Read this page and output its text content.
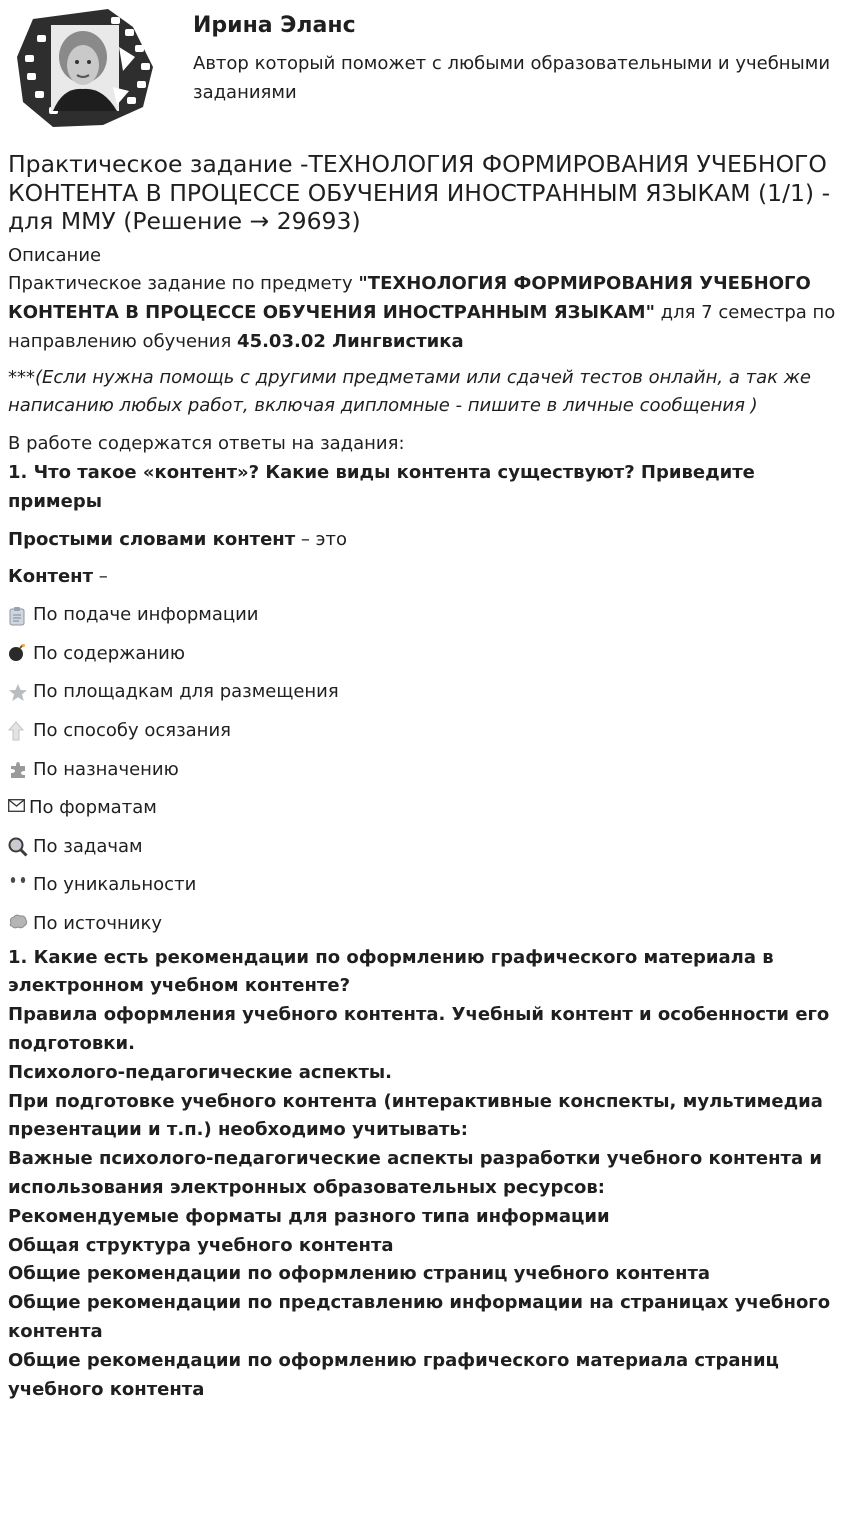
Ирина Эланс

Автор который поможет с любыми образовательными и учебными заданиями

Практическое задание -ТЕХНОЛОГИЯ ФОРМИРОВАНИЯ УЧЕБНОГО КОНТЕНТА В ПРОЦЕССЕ ОБУЧЕНИЯ ИНОСТРАННЫМ ЯЗЫКАМ (1/1) - для ММУ (Решение → 29693)

Описание

Практическое задание по предмету "ТЕХНОЛОГИЯ ФОРМИРОВАНИЯ УЧЕБНОГО КОНТЕНТА В ПРОЦЕССЕ ОБУЧЕНИЯ ИНОСТРАННЫМ ЯЗЫКАМ" для 7 семестра по направлению обучения 45.03.02 Лингвистика

***(Если нужна помощь с другими предметами или сдачей тестов онлайн, а так же написанию любых работ, включая дипломные - пишите в личные сообщения )

В работе содержатся ответы на задания:

1. Что такое «контент»? Какие виды контента существуют? Приведите примеры

Простыми словами контент – это

Контент –

По подаче информации
По содержанию
По площадкам для размещения
По способу осязания
По назначению
По форматам
По задачам
По уникальности
По источнику

1. Какие есть рекомендации по оформлению графического материала в электронном учебном контенте?

Правила оформления учебного контента. Учебный контент и особенности его подготовки.

Психолого-педагогические аспекты.

При подготовке учебного контента (интерактивные конспекты, мультимедиа презентации и т.п.) необходимо учитывать:

Важные психолого-педагогические аспекты разработки учебного контента и использования электронных образовательных ресурсов:

Рекомендуемые форматы для разного типа информации

Общая структура учебного контента

Общие рекомендации по оформлению страниц учебного контента

Общие рекомендации по представлению информации на страницах учебного контента

Общие рекомендации по оформлению графического материала страниц учебного контента
